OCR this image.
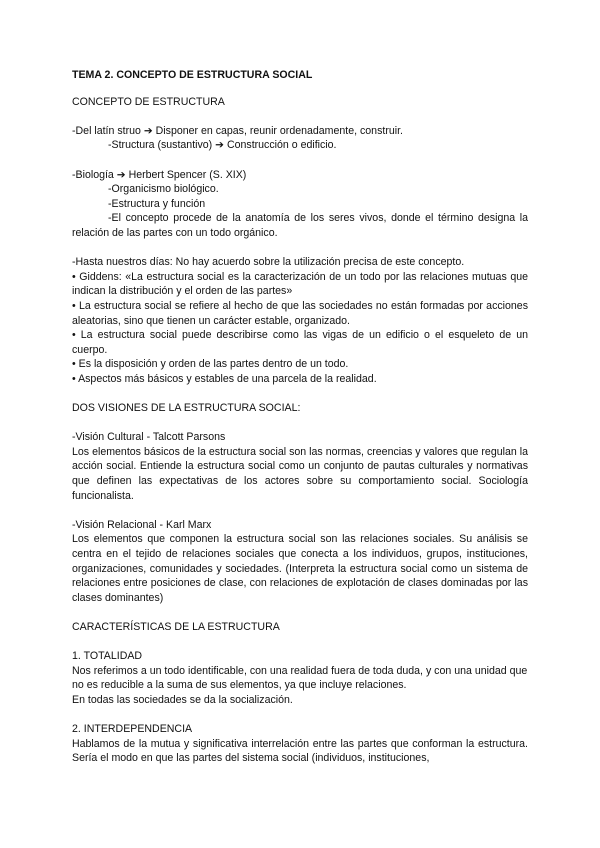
TEMA 2. CONCEPTO DE ESTRUCTURA SOCIAL

CONCEPTO DE ESTRUCTURA

-Del latín struo ➔ Disponer en capas, reunir ordenadamente, construir.

-Structura (sustantivo) ➔ Construcción o edificio.

-Biología ➔ Herbert Spencer (S. XIX)

-Organicismo biológico.

-Estructura y función

-El concepto procede de la anatomía de los seres vivos, donde el término designa la relación de las partes con un todo orgánico.

-Hasta nuestros días: No hay acuerdo sobre la utilización precisa de este concepto.

• Giddens: «La estructura social es la caracterización de un todo por las relaciones mutuas que indican la distribución y el orden de las partes»

• La estructura social se refiere al hecho de que las sociedades no están formadas por acciones aleatorias, sino que tienen un carácter estable, organizado.

• La estructura social puede describirse como las vigas de un edificio o el esqueleto de un cuerpo.

• Es la disposición y orden de las partes dentro de un todo.

• Aspectos más básicos y estables de una parcela de la realidad.

DOS VISIONES DE LA ESTRUCTURA SOCIAL:

-Visión Cultural - Talcott Parsons

Los elementos básicos de la estructura social son las normas, creencias y valores que regulan la acción social. Entiende la estructura social como un conjunto de pautas culturales y normativas que definen las expectativas de los actores sobre su comportamiento social. Sociología funcionalista.

-Visión Relacional - Karl Marx

Los elementos que componen la estructura social son las relaciones sociales. Su análisis se centra en el tejido de relaciones sociales que conecta a los individuos, grupos, instituciones, organizaciones, comunidades y sociedades. (Interpreta la estructura social como un sistema de relaciones entre posiciones de clase, con relaciones de explotación de clases dominadas por las clases dominantes)

CARACTERÍSTICAS DE LA ESTRUCTURA

1. TOTALIDAD

Nos referimos a un todo identificable, con una realidad fuera de toda duda, y con una unidad que no es reducible a la suma de sus elementos, ya que incluye relaciones.

En todas las sociedades se da la socialización.

2. INTERDEPENDENCIA

Hablamos de la mutua y significativa interrelación entre las partes que conforman la estructura. Sería el modo en que las partes del sistema social (individuos, instituciones,
